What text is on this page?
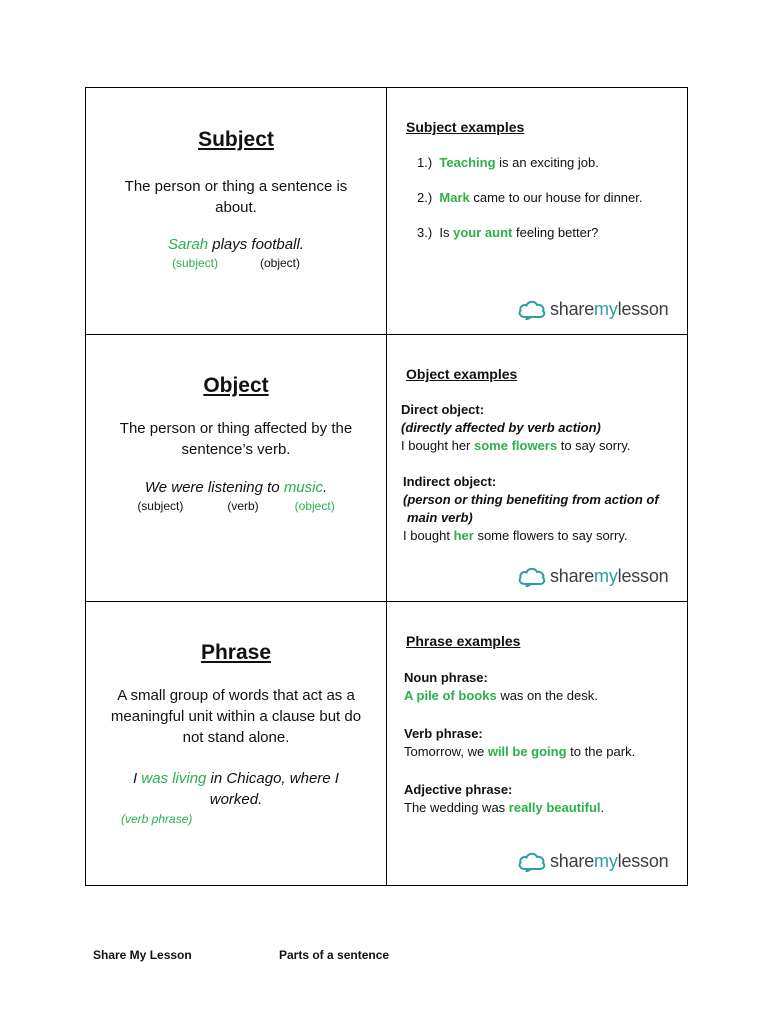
Subject
The person or thing a sentence is
about.
Sarah plays football.
(subject)	(object)
Subject examples
1.) Teaching is an exciting job.
2.) Mark came to our house for dinner.
3.) Is your aunt feeling better?
Object
The person or thing affected by the
sentence’s verb.
We were listening to music.
(subject)	(verb)	(object)
Object examples
Direct object:
(directly affected by verb action)
I bought her some flowers to say sorry.
Indirect object:
(person or thing benefiting from action of
main verb)
I bought her some flowers to say sorry.
Phrase
A small group of words that act as a
meaningful unit within a clause but do
not stand alone.
I was living in Chicago, where I
worked.
(verb phrase)
Phrase examples
Noun phrase:
A pile of books was on the desk.
Verb phrase:
Tomorrow, we will be going to the park.
Adjective phrase:
The wedding was really beautiful.
sharemylesson
sharemylesson
sharemylesson
Share My Lesson	Parts of a sentence
